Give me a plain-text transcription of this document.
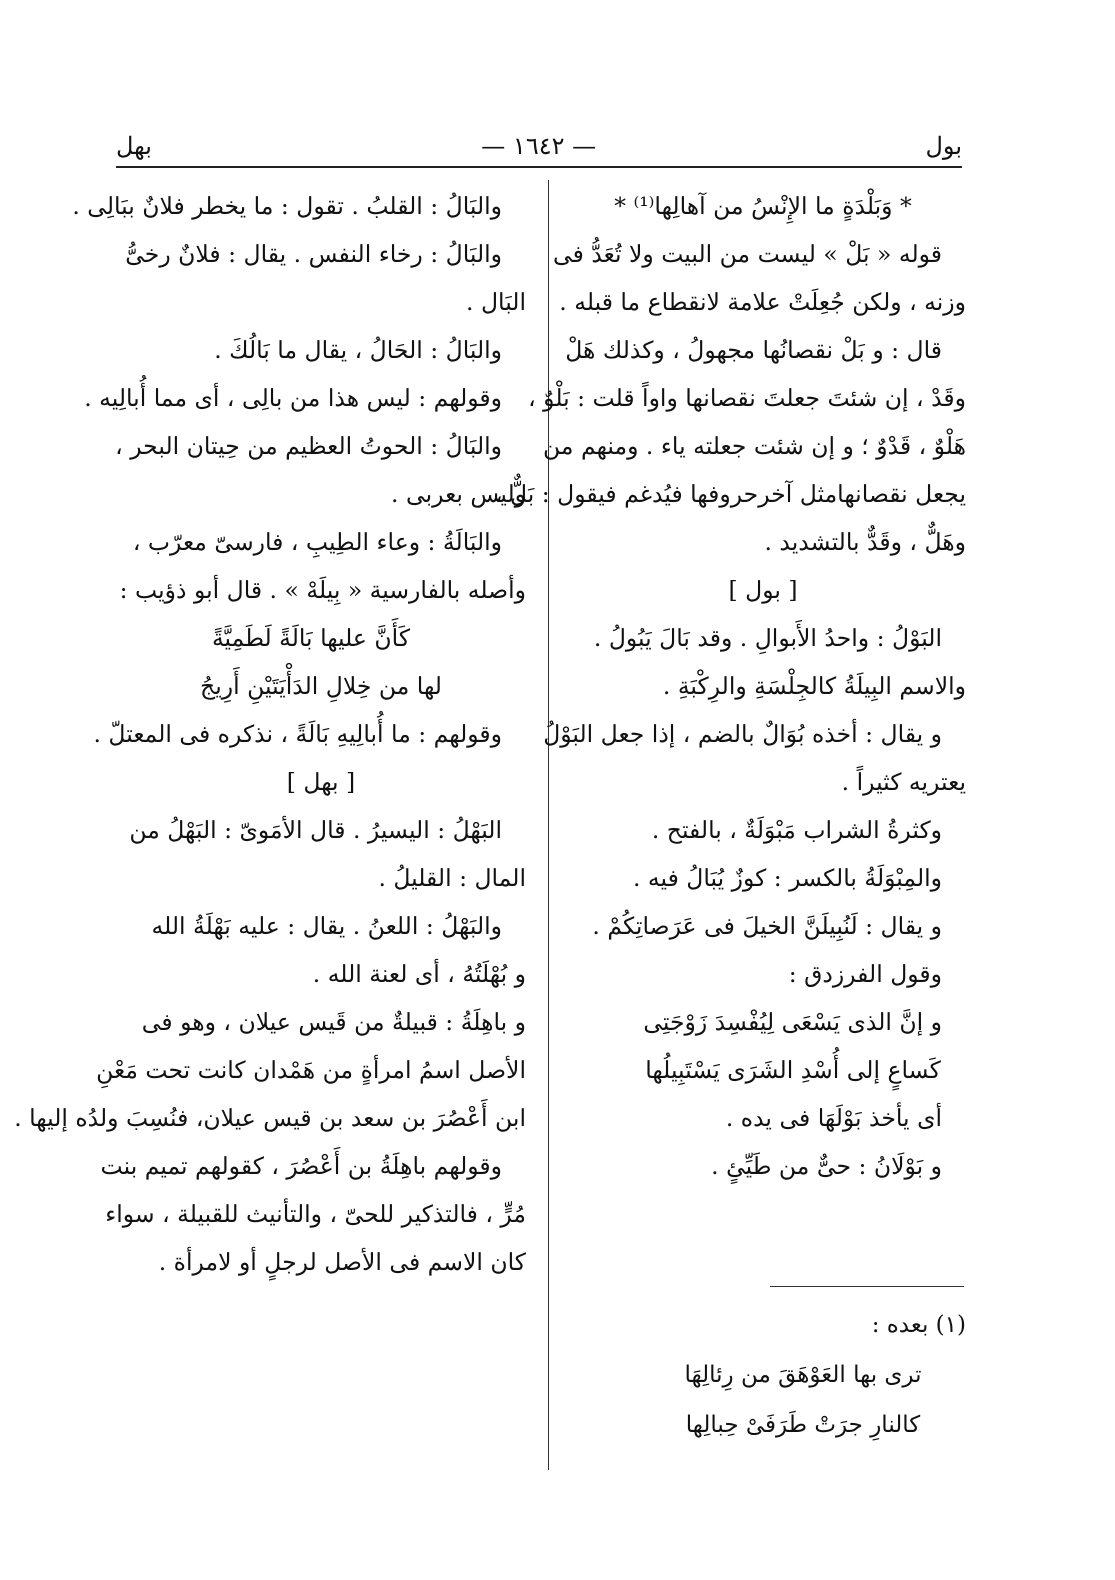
بهل	— ١٦٤٢ —	بول
* وَبَلْدَةٍ ما الإِنْسُ من آهالِها⁽¹⁾ *
قوله « بَلْ » ليست من البيت ولا تُعَدُّ فى
وزنه ، ولكن جُعِلَتْ علامة لانقطاع ما قبله .
قال : و بَلْ نقصانُها مجهولُ ، وكذلك هَلْ
وقَدْ ، إن شئتَ جعلتَ نقصانها واواً قلت : بَلْوٌ ،
هَلْوٌ ، قَدْوٌ ؛ و إن شئت جعلته ياء . ومنهم من
يجعل نقصانهامثل آخرحروفها فيُدغم فيقول : بَلٌّ ،
وهَلٌّ ، وقَدٌّ بالتشديد .
[ بول ]
البَوْلُ : واحدُ الأَبوالِ . وقد بَالَ يَبُولُ .
والاسم البِيلَةُ كالجِلْسَةِ والرِكْبَةِ .
و يقال : أخذه بُوَالٌ بالضم ، إذا جعل البَوْلُ
يعتريه كثيراً .
وكثرةُ الشراب مَبْوَلَةٌ ، بالفتح .
والمِبْوَلَةُ بالكسر : كوزٌ يُبَالُ فيه .
و يقال : لَنُبِيلَنَّ الخيلَ فى عَرَصاتِكُمْ .
وقول الفرزدق :
و إنَّ الذى يَسْعَى لِيُفْسِدَ زَوْجَتِى
كَساعٍ إلى أُسْدِ الشَرَى يَسْتَبِيلُها
أى يأخذ بَوْلَهَا فى يده .
و بَوْلَانُ : حىٌّ من طَيِّئٍ .
والبَالُ : القلبُ . تقول : ما يخطر فلانٌ ببَالِى .
والبَالُ : رخاء النفس . يقال : فلانٌ رخىُّ
البَال .
والبَالُ : الحَالُ ، يقال ما بَالُكَ .
وقولهم : ليس هذا من بالِى ، أى مما أُبالِيه .
والبَالُ : الحوتُ العظيم من حِيتان البحر ،
وليس بعربى .
والبَالَةُ : وعاء الطِيبِ ، فارسىّ معرّب ،
وأصله بالفارسية « بِيلَهْ » . قال أبو ذؤيب :
كَأَنَّ عليها بَالَةً لَطَمِيَّةً
لها من خِلالِ الدَأْيَتَيْنِ أَرِيجُ
وقولهم : ما أُبالِيهِ بَالَةً ، نذكره فى المعتلّ .
[ بهل ]
البَهْلُ : اليسيرُ . قال الأمَوىّ : البَهْلُ من
المال : القليلُ .
والبَهْلُ : اللعنُ . يقال : عليه بَهْلَةُ الله
و بُهْلَتُهُ ، أى لعنة الله .
و باهِلَةُ : قبيلةٌ من قَيس عيلان ، وهو فى
الأصل اسمُ امرأةٍ من هَمْدان كانت تحت مَعْنِ
ابن أَعْصُرَ بن سعد بن قيس عيلان، فنُسِبَ ولدُه إليها .
وقولهم باهِلَةُ بن أَعْصُرَ ، كقولهم تميم بنت
مُرٍّ ، فالتذكير للحىّ ، والتأنيث للقبيلة ، سواء
كان الاسم فى الأصل لرجلٍ أو لامرأة .
(١) بعده :
ترى بها العَوْهَقَ من رِئالِهَا
كالنارِ جرَتْ طَرَفَىْ حِبالِها
